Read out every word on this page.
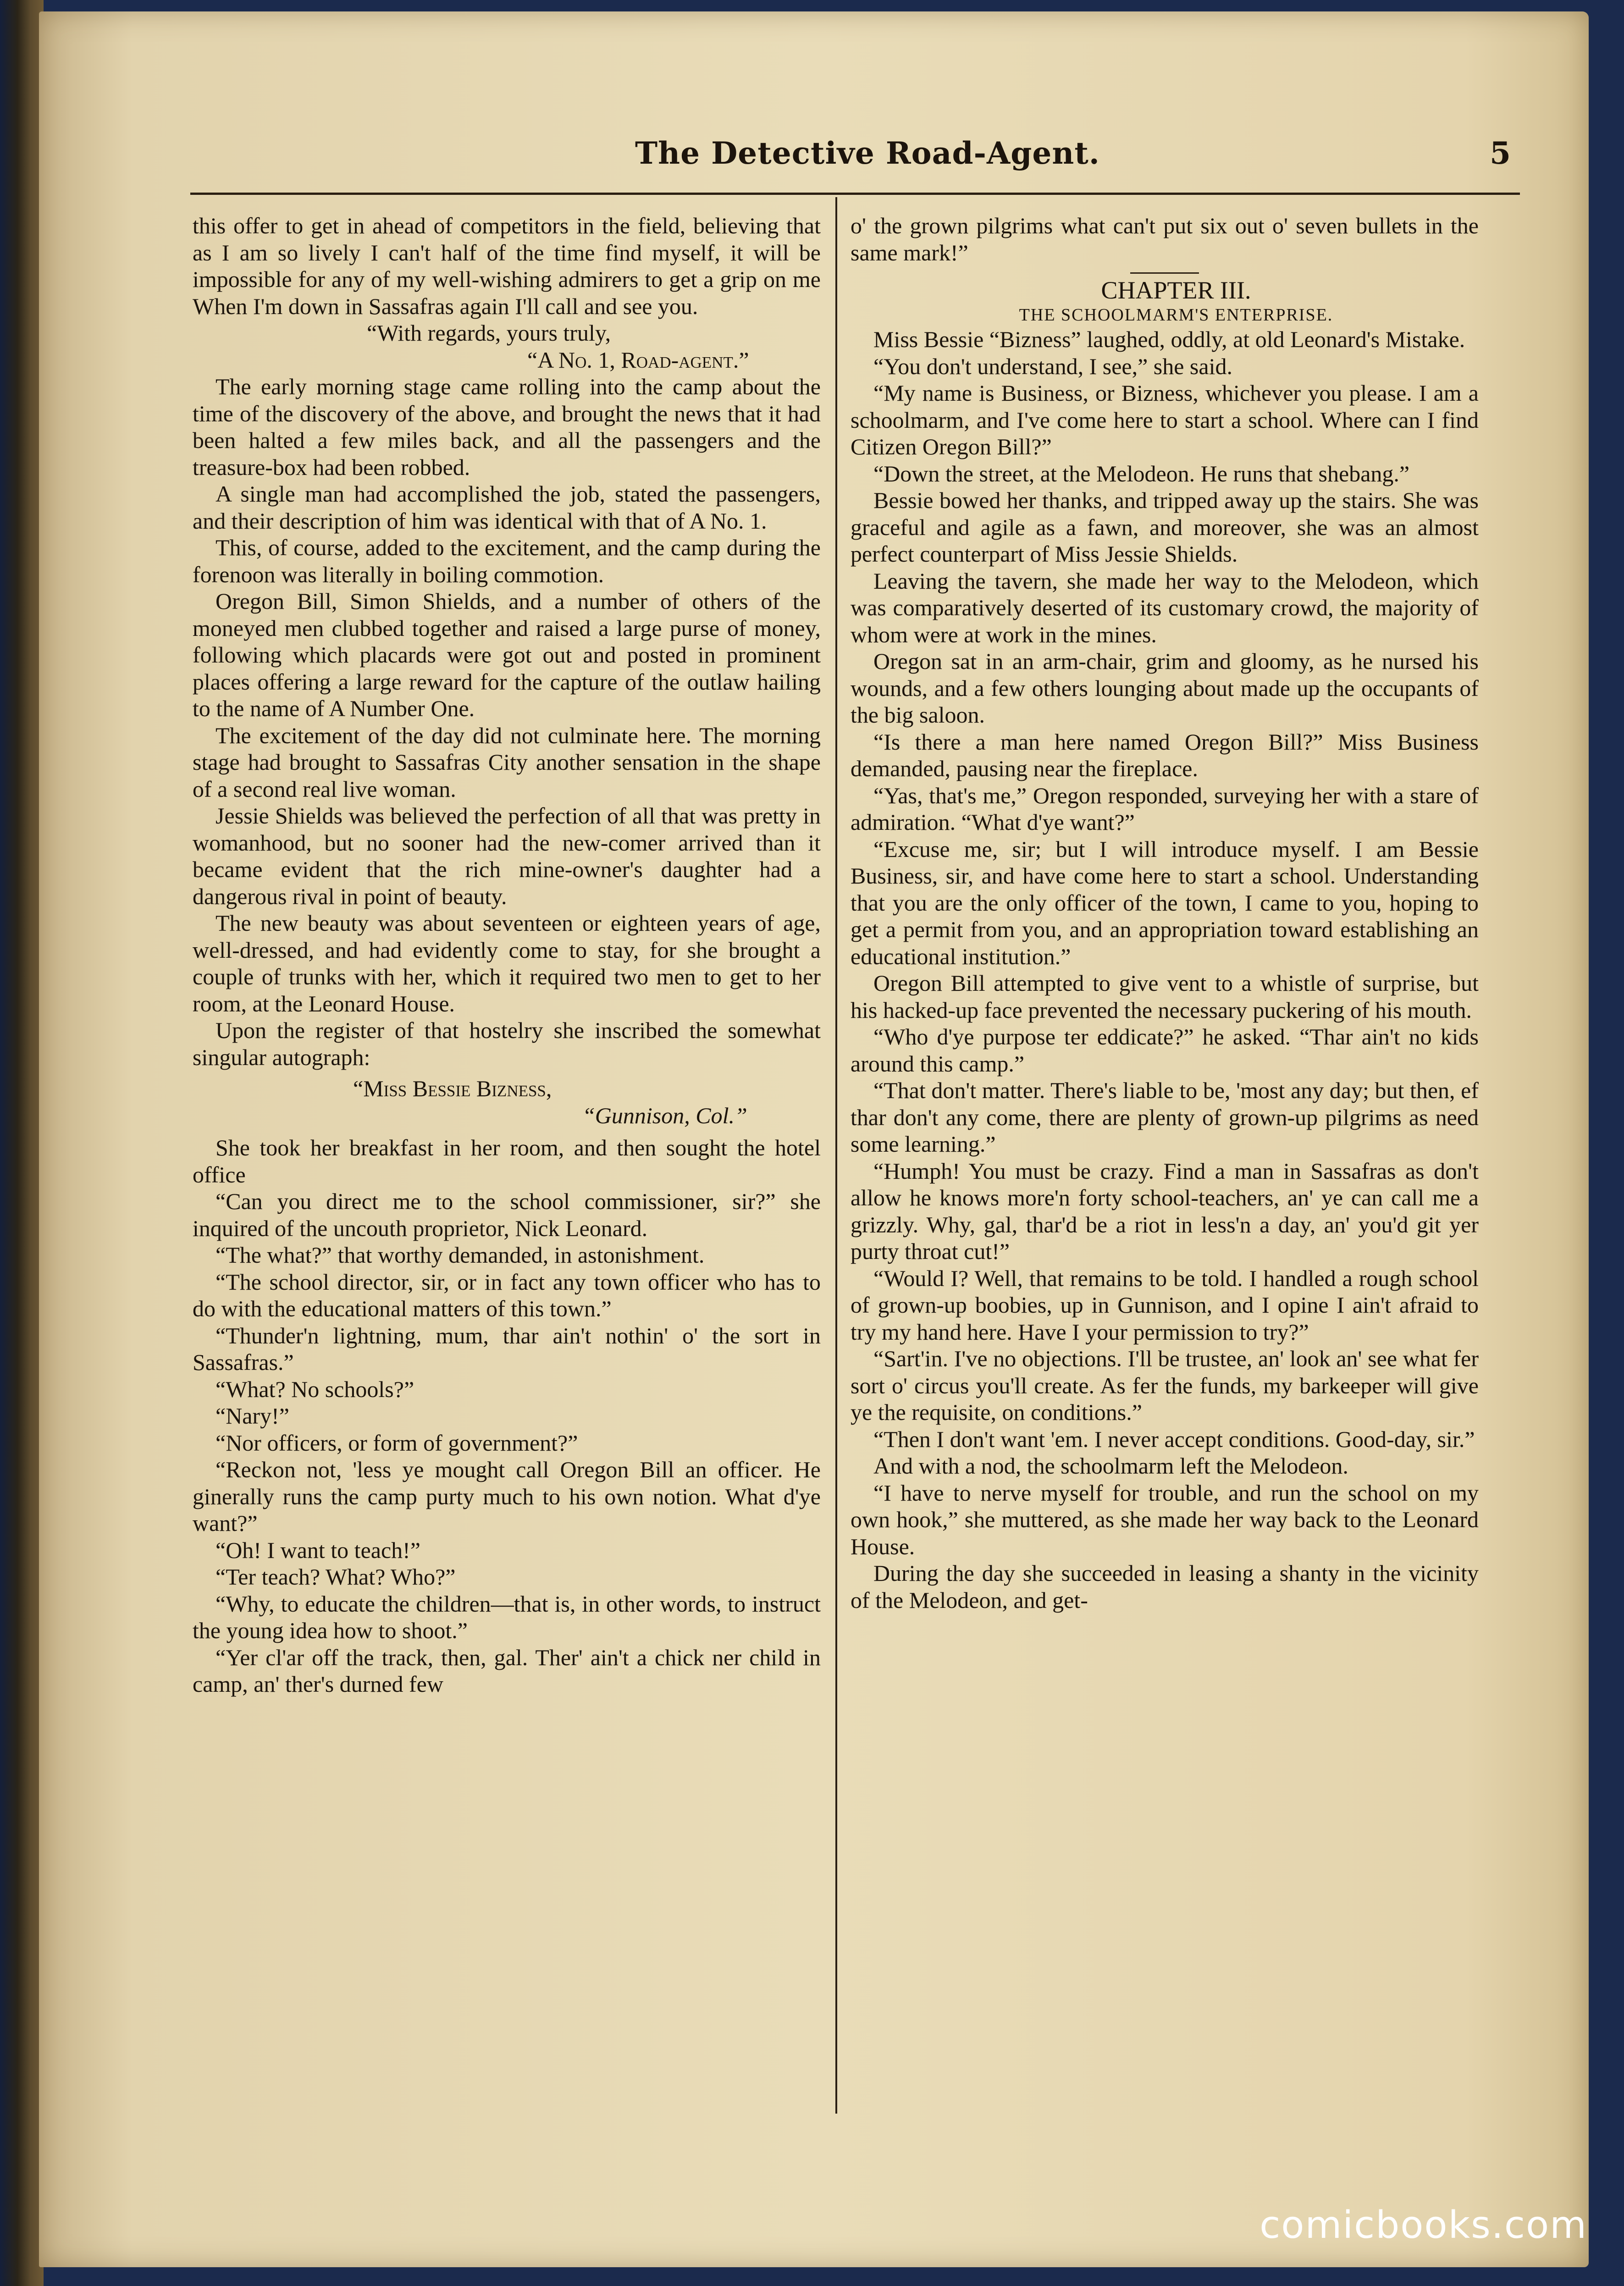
The Detective Road-Agent.	5

this offer to get in ahead of competitors in the field, believing that as I am so lively I can't half of the time find myself, it will be impossible for any of my well-wishing admirers to get a grip on me When I'm down in Sassafras again I'll call and see you.

“With regards, yours truly,

“A No. 1, Road-agent.”

The early morning stage came rolling into the camp about the time of the discovery of the above, and brought the news that it had been halted a few miles back, and all the passengers and the treasure-box had been robbed.

A single man had accomplished the job, stated the passengers, and their description of him was identical with that of A No. 1.

This, of course, added to the excitement, and the camp during the forenoon was literally in boiling commotion.

Oregon Bill, Simon Shields, and a number of others of the moneyed men clubbed together and raised a large purse of money, following which placards were got out and posted in prominent places offering a large reward for the capture of the outlaw hailing to the name of A Number One.

The excitement of the day did not culminate here. The morning stage had brought to Sassafras City another sensation in the shape of a second real live woman.

Jessie Shields was believed the perfection of all that was pretty in womanhood, but no sooner had the new-comer arrived than it became evident that the rich mine-owner's daughter had a dangerous rival in point of beauty.

The new beauty was about seventeen or eighteen years of age, well-dressed, and had evidently come to stay, for she brought a couple of trunks with her, which it required two men to get to her room, at the Leonard House.

Upon the register of that hostelry she inscribed the somewhat singular autograph:

“Miss Bessie Bizness,

“Gunnison, Col.”

She took her breakfast in her room, and then sought the hotel office

“Can you direct me to the school commissioner, sir?” she inquired of the uncouth proprietor, Nick Leonard.

“The what?” that worthy demanded, in astonishment.

“The school director, sir, or in fact any town officer who has to do with the educational matters of this town.”

“Thunder'n lightning, mum, thar ain't nothin' o' the sort in Sassafras.”

“What? No schools?”

“Nary!”

“Nor officers, or form of government?”

“Reckon not, 'less ye mought call Oregon Bill an officer. He ginerally runs the camp purty much to his own notion. What d'ye want?”

“Oh! I want to teach!”

“Ter teach? What? Who?”

“Why, to educate the children—that is, in other words, to instruct the young idea how to shoot.”

“Yer cl'ar off the track, then, gal. Ther' ain't a chick ner child in camp, an' ther's durned few

o' the grown pilgrims what can't put six out o' seven bullets in the same mark!”

CHAPTER III.

THE SCHOOLMARM'S ENTERPRISE.

Miss Bessie “Bizness” laughed, oddly, at old Leonard's Mistake.

“You don't understand, I see,” she said.

“My name is Business, or Bizness, whichever you please. I am a schoolmarm, and I've come here to start a school. Where can I find Citizen Oregon Bill?”

“Down the street, at the Melodeon. He runs that shebang.”

Bessie bowed her thanks, and tripped away up the stairs. She was graceful and agile as a fawn, and moreover, she was an almost perfect counterpart of Miss Jessie Shields.

Leaving the tavern, she made her way to the Melodeon, which was comparatively deserted of its customary crowd, the majority of whom were at work in the mines.

Oregon sat in an arm-chair, grim and gloomy, as he nursed his wounds, and a few others lounging about made up the occupants of the big saloon.

“Is there a man here named Oregon Bill?” Miss Business demanded, pausing near the fireplace.

“Yas, that's me,” Oregon responded, surveying her with a stare of admiration. “What d'ye want?”

“Excuse me, sir; but I will introduce myself. I am Bessie Business, sir, and have come here to start a school. Understanding that you are the only officer of the town, I came to you, hoping to get a permit from you, and an appropriation toward establishing an educational institution.”

Oregon Bill attempted to give vent to a whistle of surprise, but his hacked-up face prevented the necessary puckering of his mouth.

“Who d'ye purpose ter eddicate?” he asked. “Thar ain't no kids around this camp.”

“That don't matter. There's liable to be, 'most any day; but then, ef thar don't any come, there are plenty of grown-up pilgrims as need some learning.”

“Humph! You must be crazy. Find a man in Sassafras as don't allow he knows more'n forty school-teachers, an' ye can call me a grizzly. Why, gal, thar'd be a riot in less'n a day, an' you'd git yer purty throat cut!”

“Would I? Well, that remains to be told. I handled a rough school of grown-up boobies, up in Gunnison, and I opine I ain't afraid to try my hand here. Have I your permission to try?”

“Sart'in. I've no objections. I'll be trustee, an' look an' see what fer sort o' circus you'll create. As fer the funds, my barkeeper will give ye the requisite, on conditions.”

“Then I don't want 'em. I never accept conditions. Good-day, sir.”

And with a nod, the schoolmarm left the Melodeon.

“I have to nerve myself for trouble, and run the school on my own hook,” she muttered, as she made her way back to the Leonard House.

During the day she succeeded in leasing a shanty in the vicinity of the Melodeon, and get-

comicbooks.com
